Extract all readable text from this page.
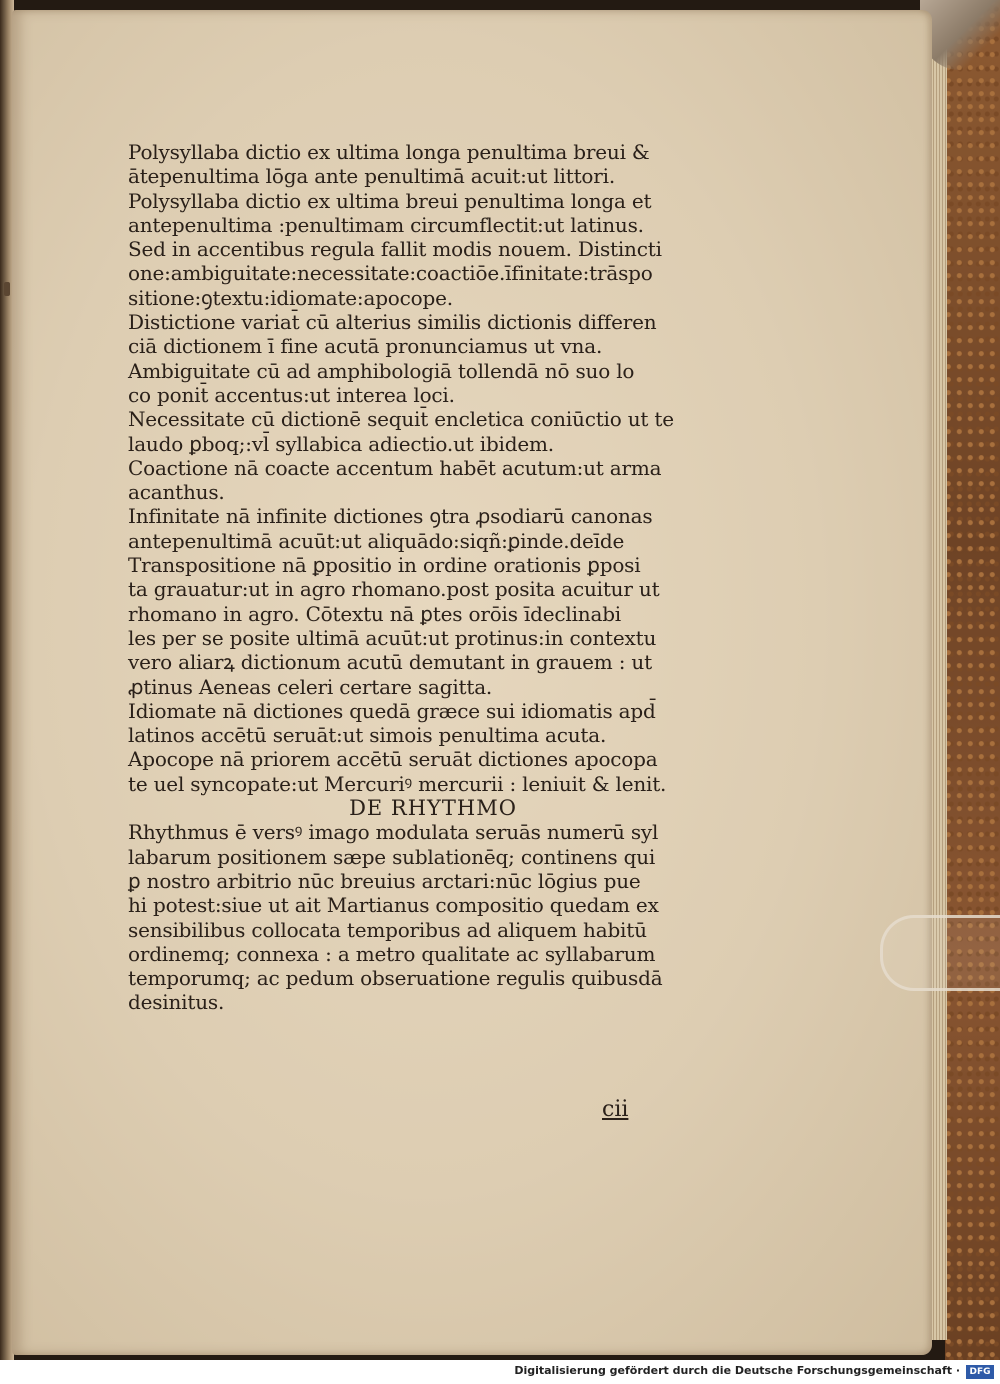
Polysyllaba dictio ex ultima longa penultima breui &
ātepenultima lōga ante penultimā acuit:ut littori.
Polysyllaba dictio ex ultima breui penultima longa et
antepenultima :penultimam circumflectit:ut latinus.
Sed in accentibus regula fallit modis nouem. Distincti
one:ambiguitate:necessitate:coactiōe.īfinitate:trāspo
sitione:ꝯtextu:idiomate:apocope.
Distictione variat̄ cū alterius similis dictionis differen
ciā dictionem ī fine acutā pronunciamus ut vna.
Ambiguitate cū ad amphibologiā tollendā nō suo lo
co ponit̄ accentus:ut interea loci.
Necessitate cū dictionē sequit̄ encletica coniūctio ut te
laudo ꝑboq;:vl̄ syllabica adiectio.ut ibidem.
Coactione nā coacte accentum habēt acutum:ut arma
acanthus.
Infinitate nā infinite dictiones ꝯtra ꝓsodiarū canonas
antepenultimā acuūt:ut aliquādo:siqñ:ꝑinde.deīde
Transpositione nā ꝑpositio in ordine orationis ꝑposi
ta grauatur:ut in agro rhomano.post posita acuitur ut
rhomano in agro. Cōtextu nā ꝑtes orōis īdeclinabi
les per se posite ultimā acuūt:ut protinus:in contextu
vero aliarꝝ dictionum acutū demutant in grauem : ut
ꝓtinus Aeneas celeri certare sagitta.
Idiomate nā dictiones quedā græce sui idiomatis apd̄
latinos accētū seruāt:ut simois penultima acuta.
Apocope nā priorem accētū seruāt dictiones apocopa
te uel syncopate:ut Mercuriꝰ mercurii : leniuit & lenit.
DE RHYTHMO
Rhythmus ē versꝰ imago modulata seruās numerū syl
labarum positionem sæpe sublationēq; continens qui
ꝑ nostro arbitrio nūc breuius arctari:nūc lōgius pue
hi potest:siue ut ait Martianus compositio quedam ex
sensibilibus collocata temporibus ad aliquem habitū
ordinemq; connexa : a metro qualitate ac syllabarum
temporumq; ac pedum obseruatione regulis quibusdā
desinitus.
cii
Digitalisierung gefördert durch die Deutsche Forschungsgemeinschaft ·	DFG
